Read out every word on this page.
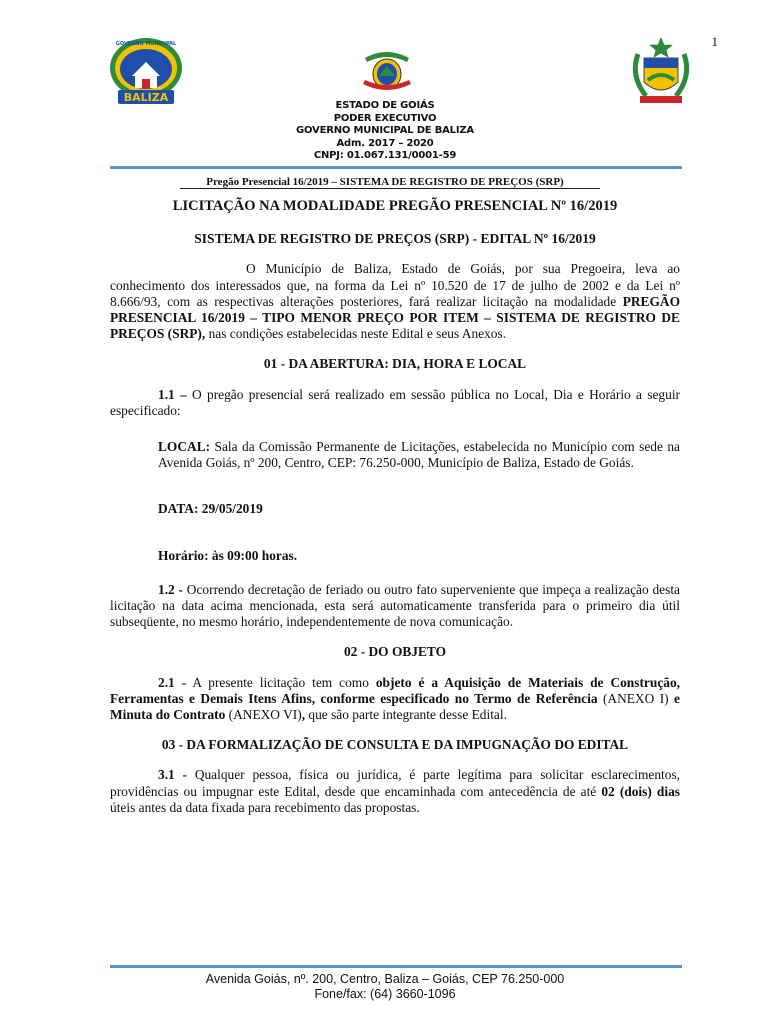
1
BALIZA
GOVERNO MUNICIPAL
ESTADO DE GOIÁS
PODER EXECUTIVO
GOVERNO MUNICIPAL DE BALIZA
Adm. 2017 – 2020
CNPJ: 01.067.131/0001-59
Pregão Presencial 16/2019 – SISTEMA DE REGISTRO DE PREÇOS (SRP)

LICITAÇÃO NA MODALIDADE PREGÃO PRESENCIAL Nº 16/2019

SISTEMA DE REGISTRO DE PREÇOS (SRP) - EDITAL Nº 16/2019

O Município de Baliza, Estado de Goiás, por sua Pregoeira, leva ao conhecimento dos interessados que, na forma da Lei nº 10.520 de 17 de julho de 2002 e da Lei nº 8.666/93, com as respectivas alterações posteriores, fará realizar licitação na modalidade PREGÃO PRESENCIAL 16/2019 – TIPO MENOR PREÇO POR ITEM – SISTEMA DE REGISTRO DE PREÇOS (SRP), nas condições estabelecidas neste Edital e seus Anexos.

01 - DA ABERTURA: DIA, HORA E LOCAL

1.1 – O pregão presencial será realizado em sessão pública no Local, Dia e Horário a seguir especificado:

LOCAL: Sala da Comissão Permanente de Licitações, estabelecida no Município com sede na Avenida Goiás, nº 200, Centro, CEP: 76.250-000, Município de Baliza, Estado de Goiás.

DATA: 29/05/2019

Horário: às 09:00 horas.

1.2 - Ocorrendo decretação de feriado ou outro fato superveniente que impeça a realização desta licitação na data acima mencionada, esta será automaticamente transferida para o primeiro dia útil subseqüente, no mesmo horário, independentemente de nova comunicação.

02 - DO OBJETO

2.1 - A presente licitação tem como objeto é a Aquisição de Materiais de Construção, Ferramentas e Demais Itens Afins, conforme especificado no Termo de Referência (ANEXO I) e Minuta do Contrato (ANEXO VI), que são parte integrante desse Edital.

03 - DA FORMALIZAÇÃO DE CONSULTA E DA IMPUGNAÇÃO DO EDITAL

3.1 - Qualquer pessoa, física ou jurídica, é parte legítima para solicitar esclarecimentos, providências ou impugnar este Edital, desde que encaminhada com antecedência de até 02 (dois) dias úteis antes da data fixada para recebimento das propostas.

Avenida Goiás, nº. 200, Centro, Baliza – Goiás, CEP 76.250-000
Fone/fax: (64) 3660-1096
